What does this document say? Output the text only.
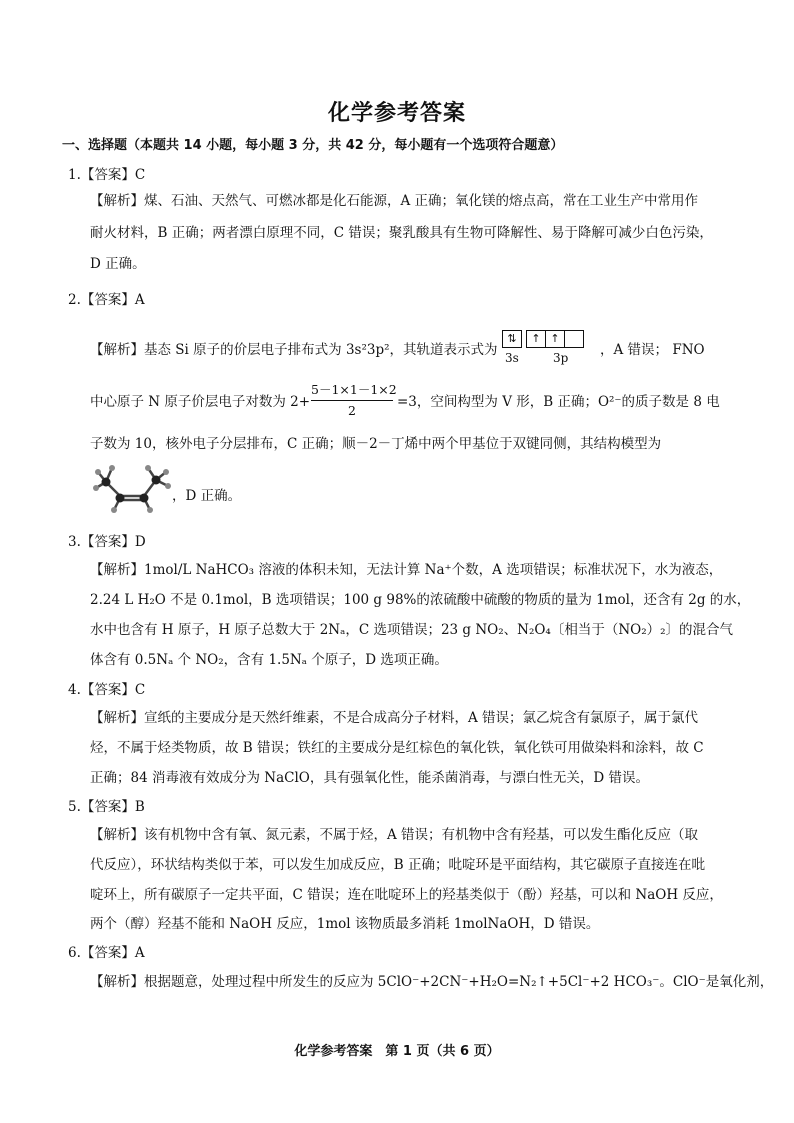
化学参考答案
一、选择题（本题共 14 小题，每小题 3 分，共 42 分，每小题有一个选项符合题意）
1.【答案】C
【解析】煤、石油、天然气、可燃冰都是化石能源，A 正确；氧化镁的熔点高，常在工业生产中常用作
耐火材料，B 正确；两者漂白原理不同，C 错误；聚乳酸具有生物可降解性、易于降解可减少白色污染，
D 正确。
2.【答案】A
【解析】基态 Si 原子的价层电子排布式为 3s²3p²，其轨道表示式为
⇅	↑ ↑
3s	3p ，A 错误； FNO
中心原子 N 原子价层电子对数为 $2+ \frac{5-1\times 1-1\times 2}{2} =3$，空间构型为 V 形，B 正确；O²⁻的质子数是 8 电
子数为 10，核外电子分层排布，C 正确；顺－2－丁烯中两个甲基位于双键同侧，其结构模型为
，D 正确。
3.【答案】D
【解析】1mol/L NaHCO₃ 溶液的体积未知，无法计算 Na⁺个数，A 选项错误；标准状况下，水为液态，
2.24 L H₂O 不是 0.1mol，B 选项错误；100 g 98%的浓硫酸中硫酸的物质的量为 1mol，还含有 2g 的水，
水中也含有 H 原子，H 原子总数大于 2Nₐ，C 选项错误；23 g NO₂、N₂O₄〔相当于（NO₂）₂〕的混合气
体含有 0.5Nₐ 个 NO₂，含有 1.5Nₐ 个原子，D 选项正确。
4.【答案】C
【解析】宣纸的主要成分是天然纤维素，不是合成高分子材料，A 错误；氯乙烷含有氯原子，属于氯代
烃，不属于烃类物质，故 B 错误；铁红的主要成分是红棕色的氧化铁，氧化铁可用做染料和涂料，故 C
正确；84 消毒液有效成分为 NaClO，具有强氧化性，能杀菌消毒，与漂白性无关，D 错误。
5.【答案】B
【解析】该有机物中含有氧、氮元素，不属于烃，A 错误；有机物中含有羟基，可以发生酯化反应（取
代反应），环状结构类似于苯，可以发生加成反应，B 正确；吡啶环是平面结构，其它碳原子直接连在吡
啶环上，所有碳原子一定共平面，C 错误；连在吡啶环上的羟基类似于（酚）羟基，可以和 NaOH 反应，
两个（醇）羟基不能和 NaOH 反应，1mol 该物质最多消耗 1molNaOH，D 错误。
6.【答案】A
【解析】根据题意，处理过程中所发生的反应为 5ClO⁻+2CN⁻+H₂O=N₂↑+5Cl⁻+2 HCO₃⁻。ClO⁻是氧化剂，
化学参考答案　第 1 页（共 6 页）
